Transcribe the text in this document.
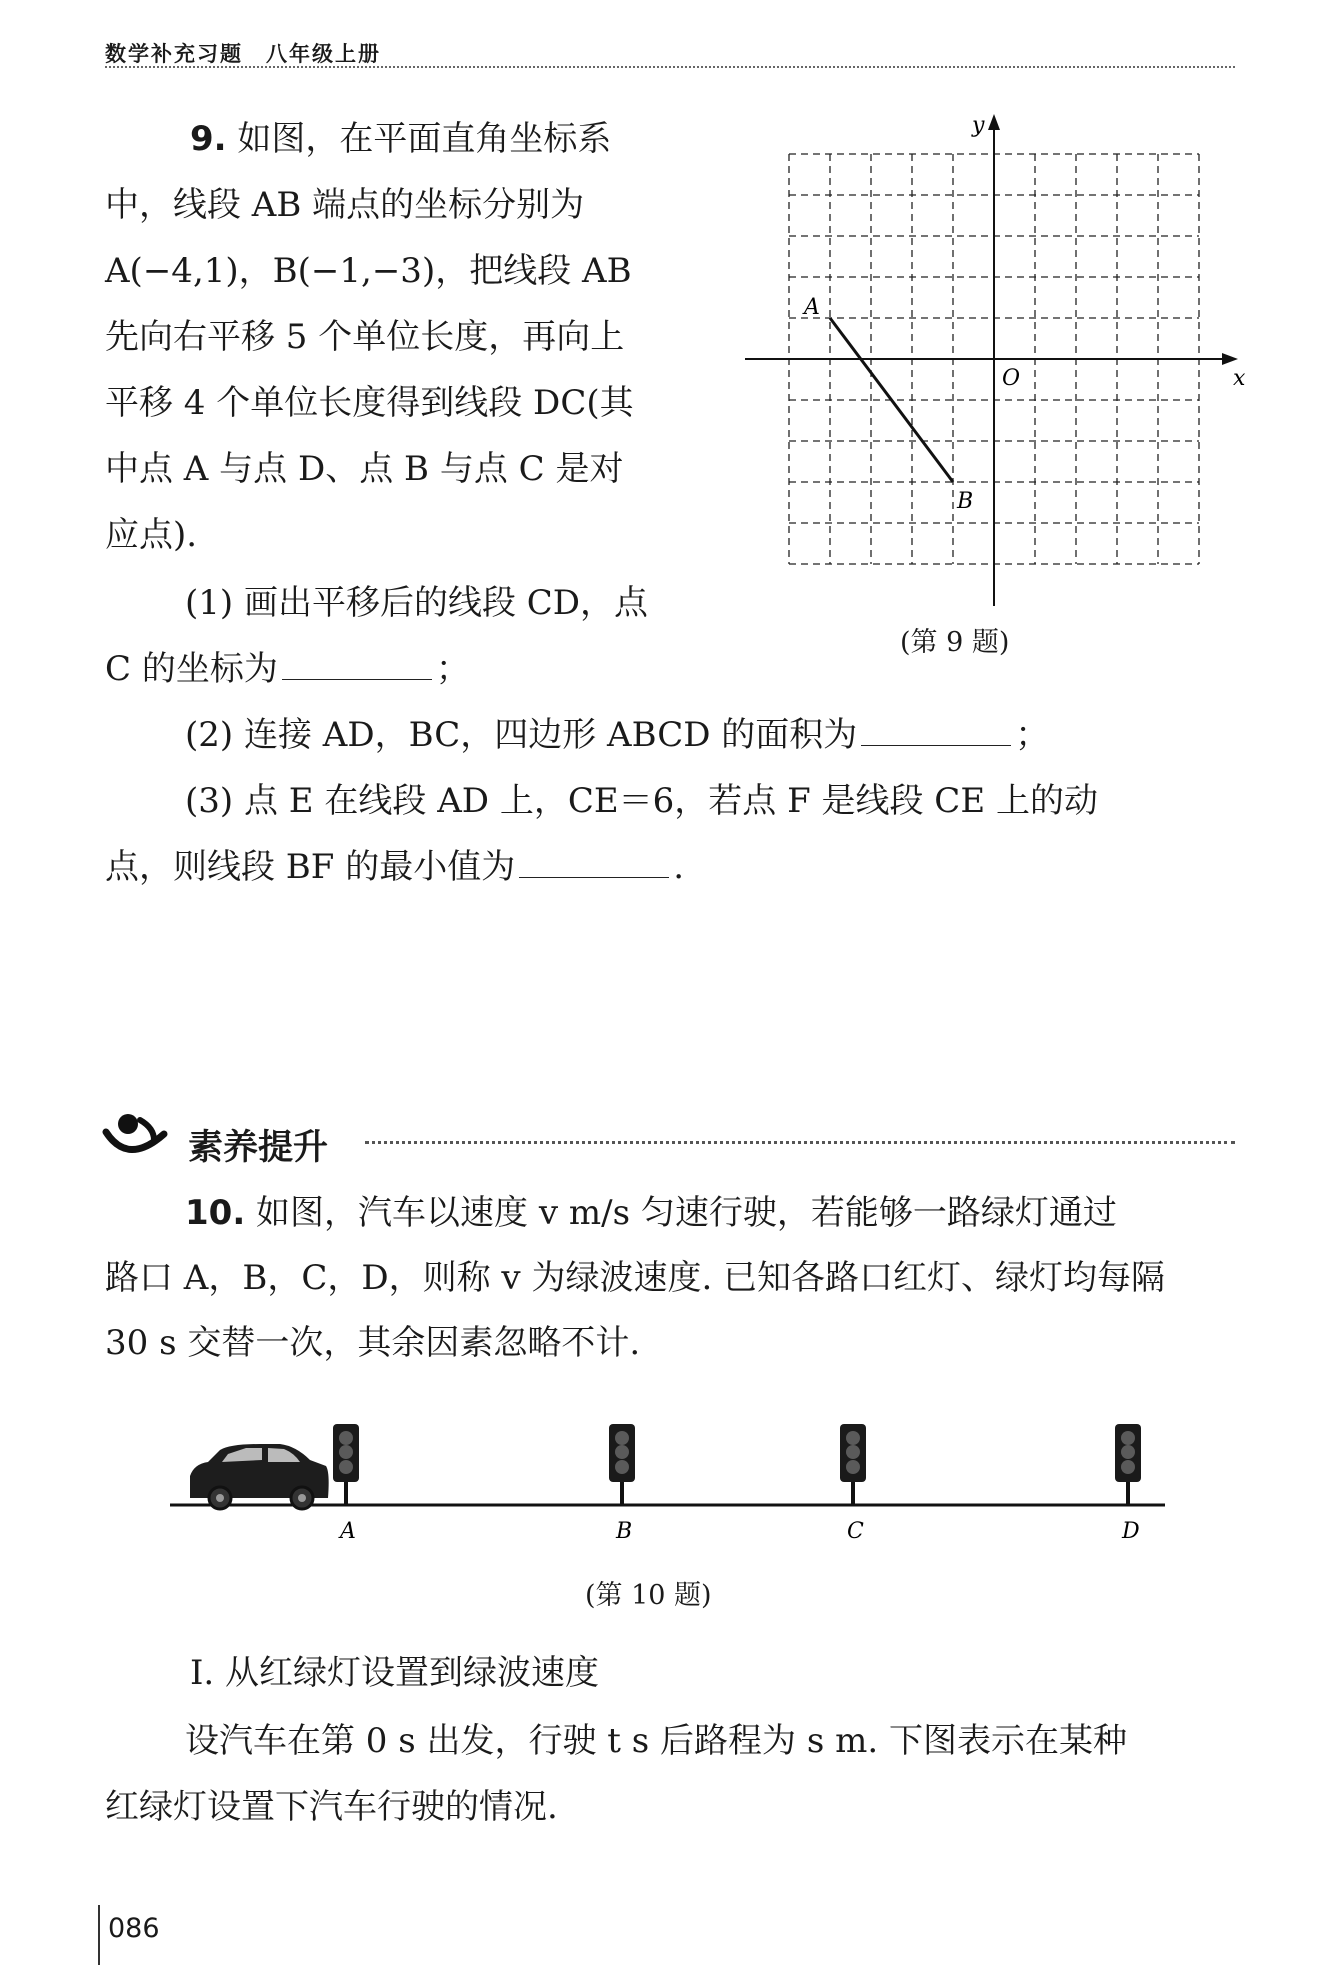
数学补充习题　八年级上册
9. 如图，在平面直角坐标系
中，线段 AB 端点的坐标分别为
A(−4,1)，B(−1,−3)，把线段 AB
先向右平移 5 个单位长度，再向上
平移 4 个单位长度得到线段 DC(其
中点 A 与点 D、点 B 与点 C 是对
应点).
(1) 画出平移后的线段 CD，点
C 的坐标为	；
(2) 连接 AD，BC，四边形 ABCD 的面积为	；
(3) 点 E 在线段 AD 上，CE＝6，若点 F 是线段 CE 上的动
点，则线段 BF 的最小值为	.
x
y
O
A
B
(第 9 题)
素养提升
10. 如图，汽车以速度 v m/s 匀速行驶，若能够一路绿灯通过
路口 A，B，C，D，则称 v 为绿波速度. 已知各路口红灯、绿灯均每隔
30 s 交替一次，其余因素忽略不计.
A	B	C	D
(第 10 题)
Ⅰ. 从红绿灯设置到绿波速度
设汽车在第 0 s 出发，行驶 t s 后路程为 s m. 下图表示在某种
红绿灯设置下汽车行驶的情况.
086
